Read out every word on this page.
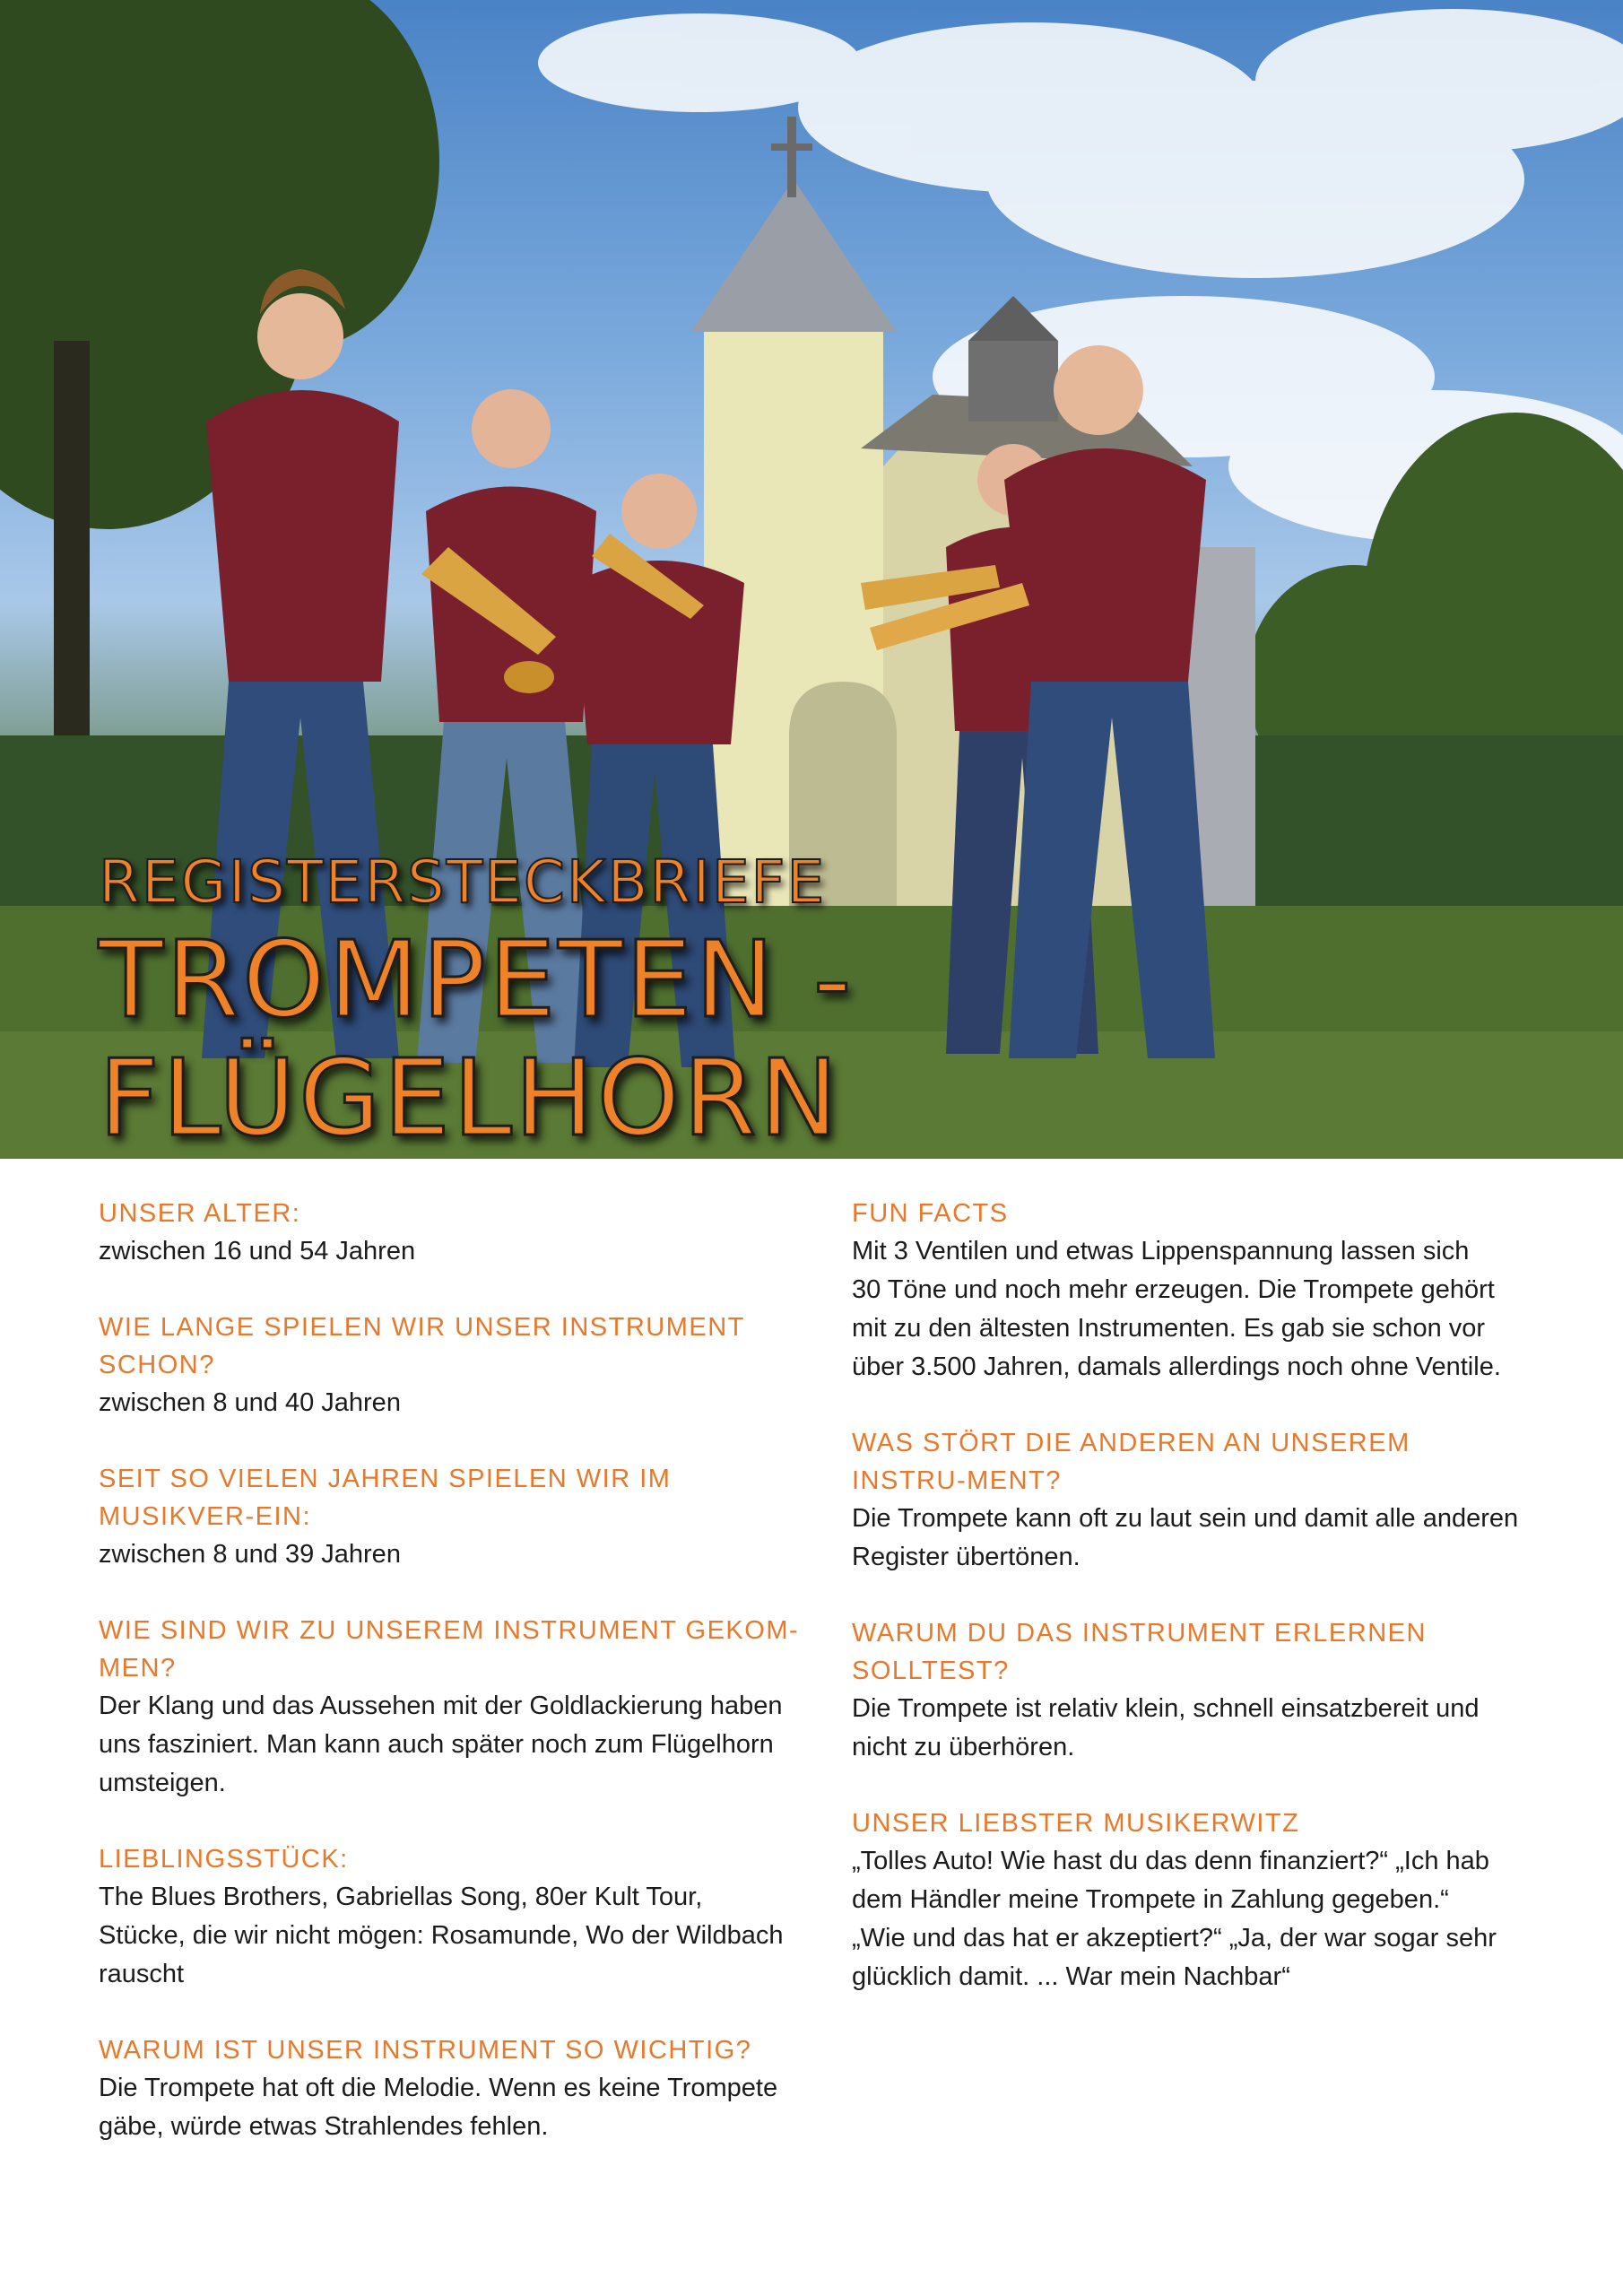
REGISTERSTECKBRIEFE
TROMPETEN - FLÜGELHORN

UNSER ALTER:

zwischen 16 und 54 Jahren

WIE LANGE SPIELEN WIR UNSER INSTRUMENT SCHON?

zwischen 8 und 40 Jahren

SEIT SO VIELEN JAHREN SPIELEN WIR IM MUSIKVER-EIN:

zwischen 8 und 39 Jahren

WIE SIND WIR ZU UNSEREM INSTRUMENT GEKOM-MEN?

Der Klang und das Aussehen mit der Goldlackierung haben uns fasziniert. Man kann auch später noch zum Flügelhorn umsteigen.

LIEBLINGSSTÜCK:

The Blues Brothers, Gabriellas Song, 80er Kult Tour,
Stücke, die wir nicht mögen: Rosamunde, Wo der Wildbach rauscht

WARUM IST UNSER INSTRUMENT SO WICHTIG?

Die Trompete hat oft die Melodie. Wenn es keine Trompete gäbe, würde etwas Strahlendes fehlen.

FUN FACTS

Mit 3 Ventilen und etwas Lippenspannung lassen sich
30 Töne und noch mehr erzeugen. Die Trompete gehört mit zu den ältesten Instrumenten. Es gab sie schon vor
über 3.500 Jahren, damals allerdings noch ohne Ventile.

WAS STÖRT DIE ANDEREN AN UNSEREM INSTRU-MENT?

Die Trompete kann oft zu laut sein und damit alle anderen Register übertönen.

WARUM DU DAS INSTRUMENT ERLERNEN SOLLTEST?

Die Trompete ist relativ klein, schnell einsatzbereit und nicht zu überhören.

UNSER LIEBSTER MUSIKERWITZ

„Tolles Auto! Wie hast du das denn finanziert?“ „Ich hab dem Händler meine Trompete in Zahlung gegeben.“
„Wie und das hat er akzeptiert?“ „Ja, der war sogar sehr glücklich damit. ... War mein Nachbar“
